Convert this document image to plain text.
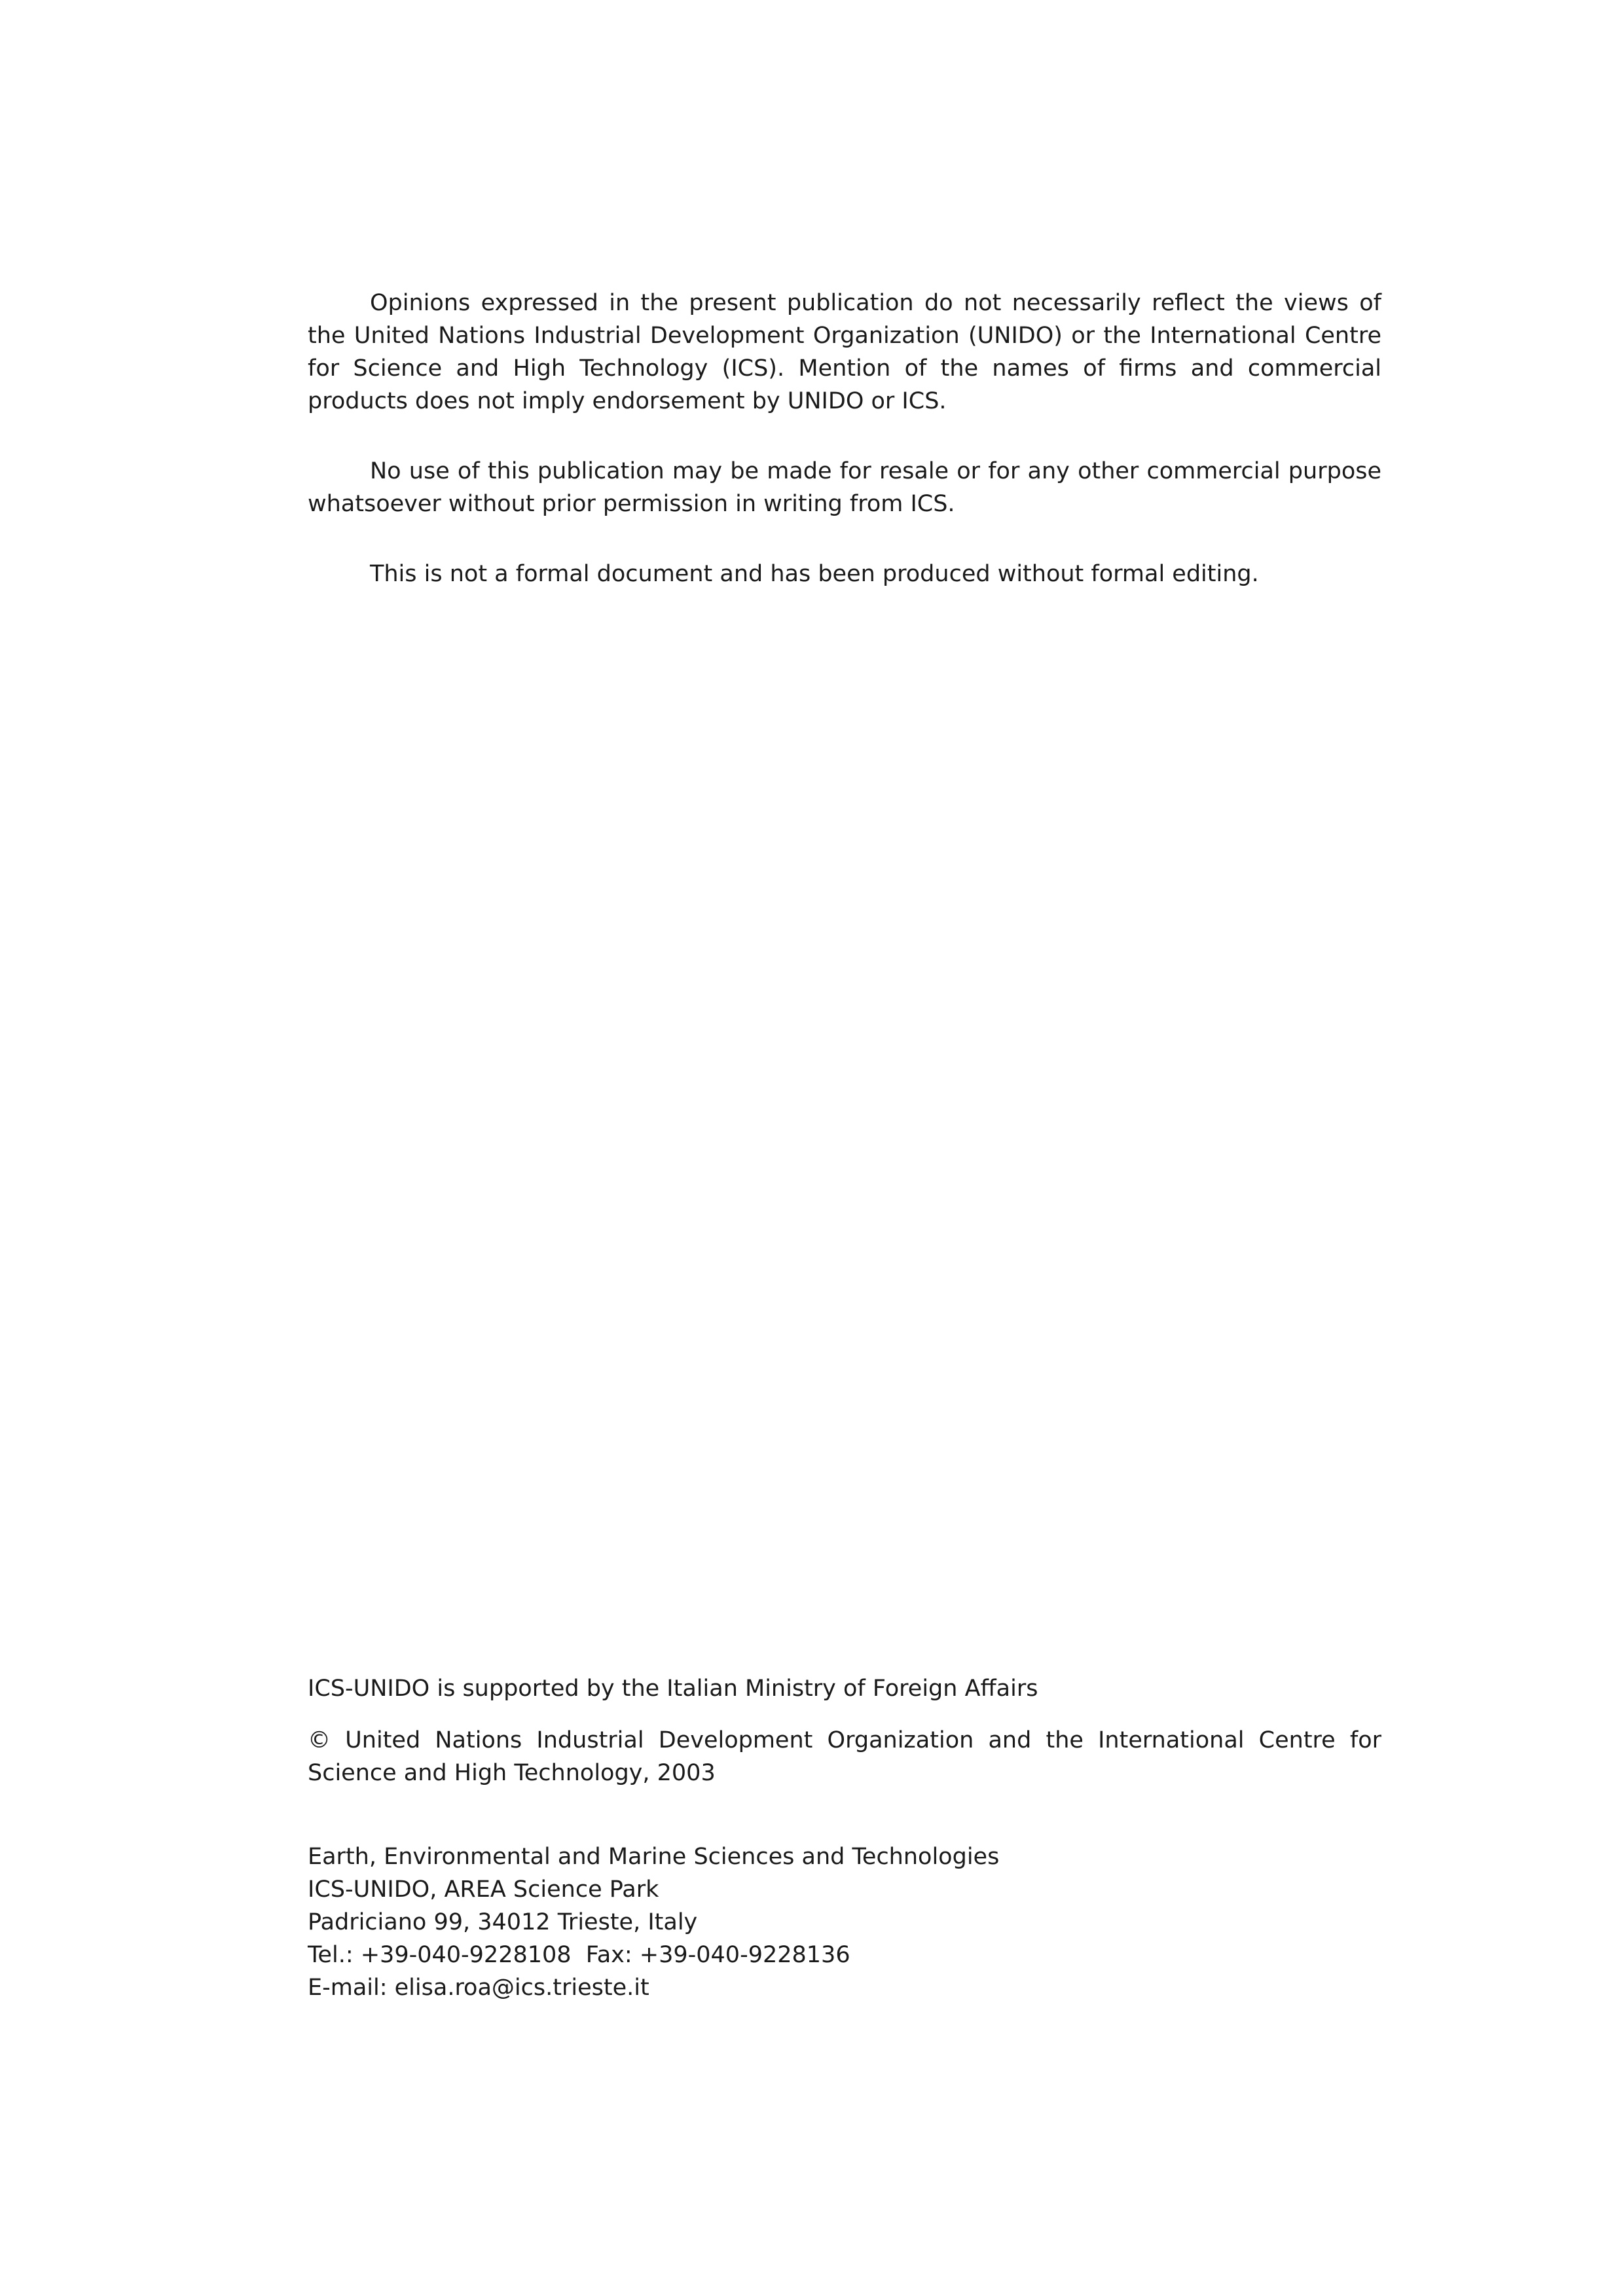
Opinions expressed in the present publication do not necessarily reflect the views of the United Nations Industrial Development Organization (UNIDO) or the International Centre for Science and High Technology (ICS). Mention of the names of firms and commercial products does not imply endorsement by UNIDO or ICS.

No use of this publication may be made for resale or for any other commercial purpose whatsoever without prior permission in writing from ICS.

This is not a formal document and has been produced without formal editing.

ICS-UNIDO is supported by the Italian Ministry of Foreign Affairs

© United Nations Industrial Development Organization and the International Centre for Science and High Technology, 2003

Earth, Environmental and Marine Sciences and Technologies
ICS-UNIDO, AREA Science Park
Padriciano 99, 34012 Trieste, Italy
Tel.: +39-040-9228108  Fax: +39-040-9228136
E-mail: elisa.roa@ics.trieste.it
